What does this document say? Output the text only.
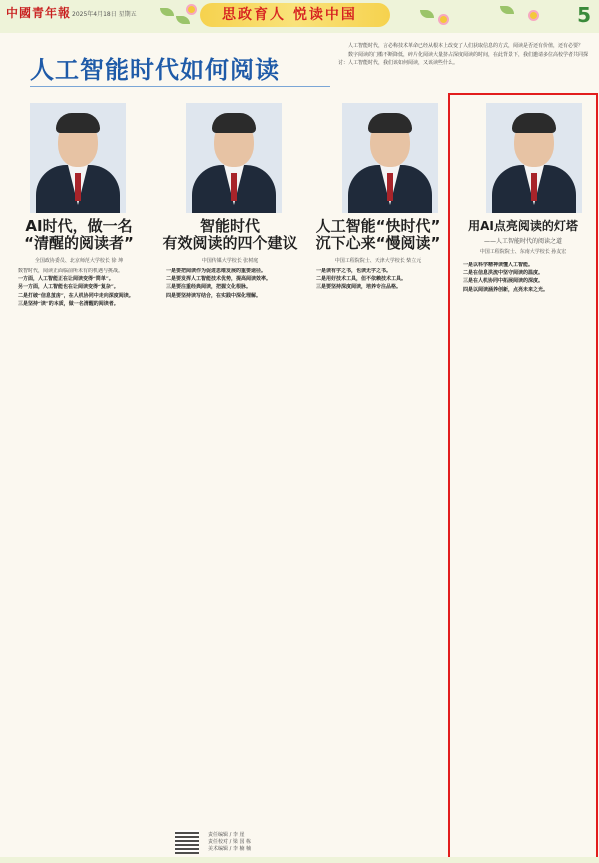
中國青年報 2025年4月18日 星期五	思政育人 悦读中国	5
人工智能时代如何阅读

人工智能时代，言必称技术革命已经从根本上改变了人们获取信息的方式，阅读是否还有价值，还有必要？

数字阅读的门槛不断降低，碎片化阅读大量挤占深度阅读的时间，在此背景下，我们邀请多位高校学者共同探讨：人工智能时代，我们该如何阅读，又该读些什么。

AI时代，做一名
“清醒的阅读者”
全国政协委员、北京师范大学校长 徐 坤

数智时代，阅读正面临前所未有的机遇与挑战。

一方面，人工智能正在让阅读变得“简单”。

另一方面，人工智能也在让阅读变得“复杂”。

二是打破“信息茧房”，在人机协同中走向深度阅读。

三是坚持“读”的本质，做一名清醒的阅读者。

智能时代
有效阅读的四个建议
中国传媒大学校长 张树庭

一是要把阅读作为促进思维发展的重要途径。

二是要发挥人工智能技术优势，提高阅读效率。

三是要注重经典阅读，把握文化根脉。

四是要坚持读写结合，在实践中深化理解。

人工智能“快时代”
沉下心来“慢阅读”
中国工程院院士、天津大学校长 柴立元

一是读有字之书，也读无字之书。

二是用好技术工具，但不依赖技术工具。

三是要坚持深度阅读，培养专注品格。

用AI点亮阅读的灯塔
——人工智能时代的阅读之道
中国工程院院士、东南大学校长 孙友宏

一是以科学精神读懂人工智能。

二是在信息洪流中坚守阅读的温度。

三是在人机协同中拓展阅读的深度。

四是以阅读涵养创新，点亮未来之光。

责任编辑 / 李 崖
责任校对 / 梁 国 栋
美术编辑 / 李 楠 楠
